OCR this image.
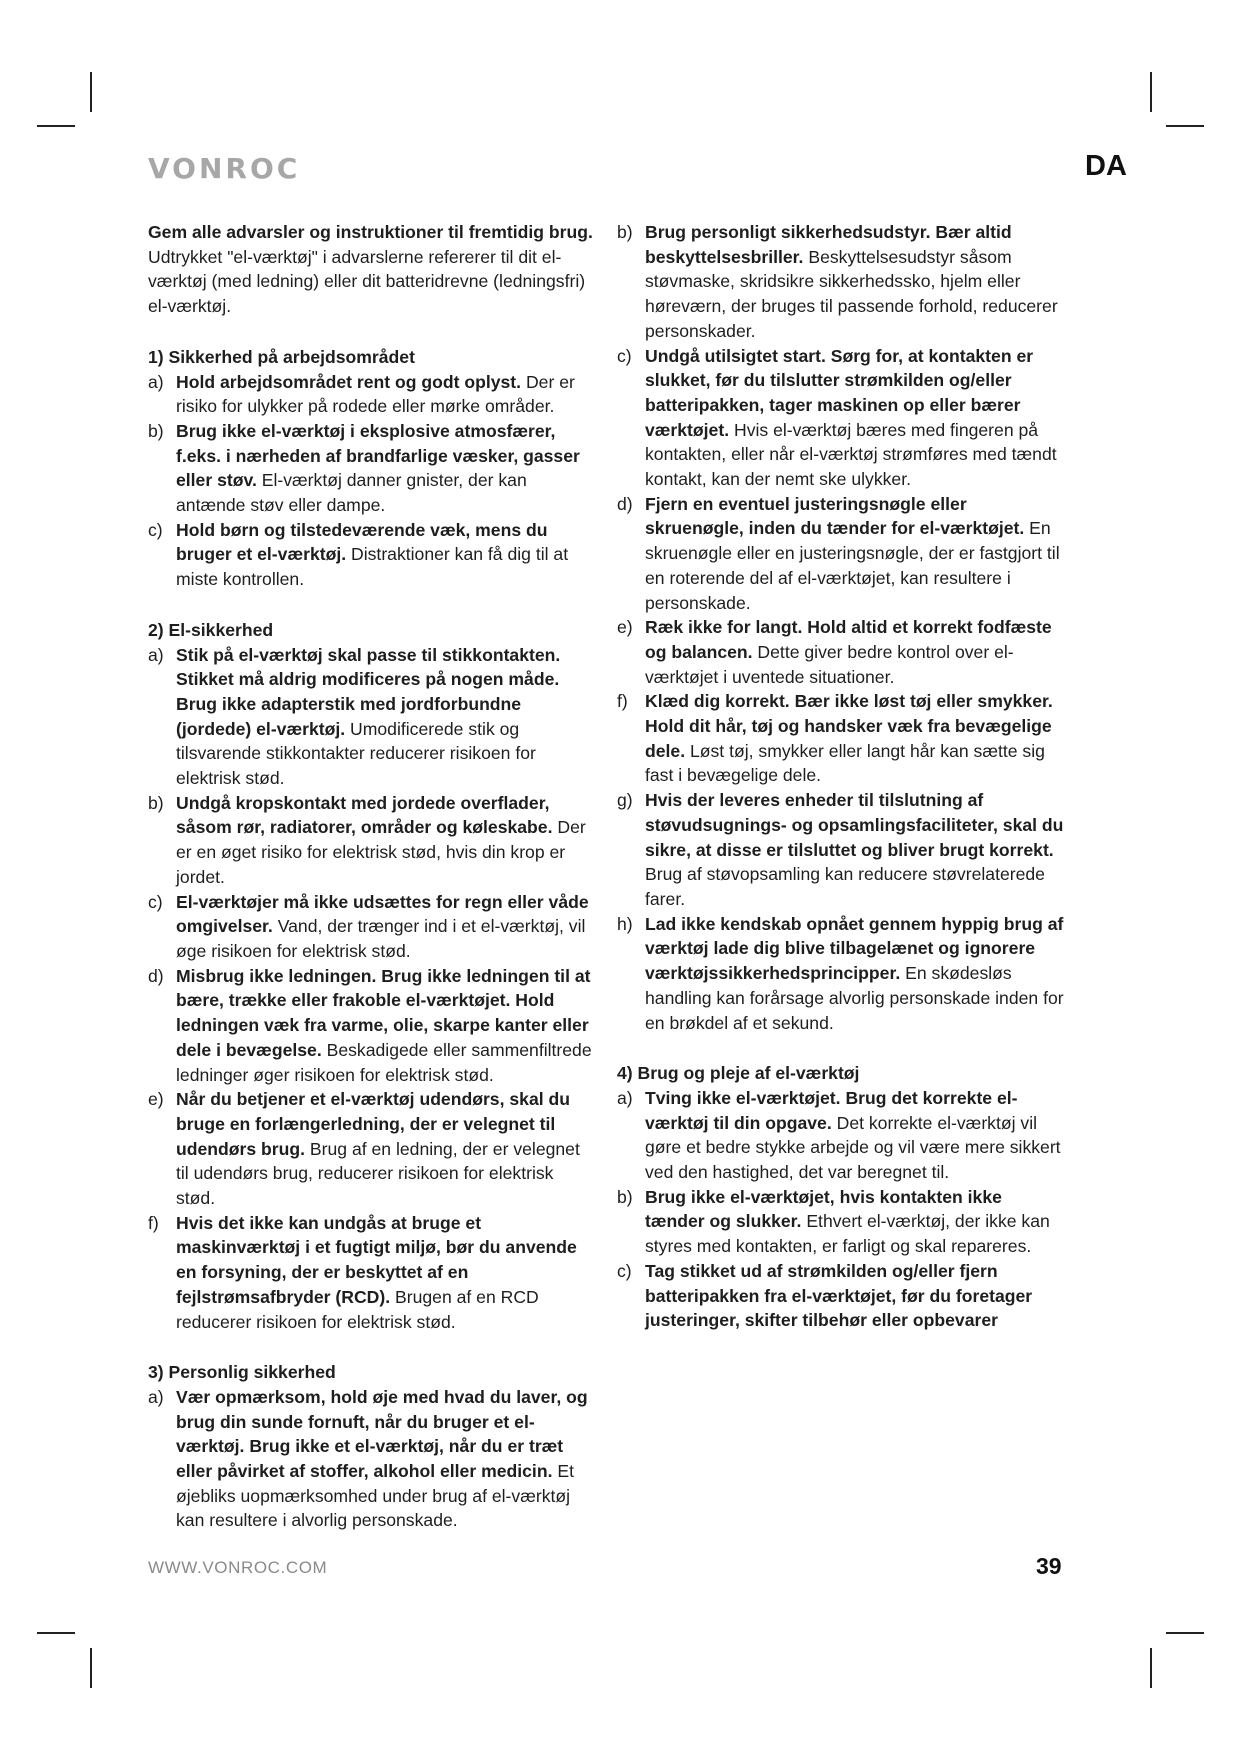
VONROC	DA

Gem alle advarsler og instruktioner til fremtidig brug. Udtrykket "el-værktøj" i advarslerne refererer til dit el-værktøj (med ledning) eller dit batteridrevne (ledningsfri) el-værktøj.

1) Sikkerhed på arbejdsområdet

a) Hold arbejdsområdet rent og godt oplyst. Der er risiko for ulykker på rodede eller mørke områder.
b) Brug ikke el-værktøj i eksplosive atmosfærer, f.eks. i nærheden af brandfarlige væsker, gasser eller støv. El-værktøj danner gnister, der kan antænde støv eller dampe.
c) Hold børn og tilstedeværende væk, mens du bruger et el-værktøj. Distraktioner kan få dig til at miste kontrollen.

2) El-sikkerhed

a) Stik på el-værktøj skal passe til stikkontakten. Stikket må aldrig modificeres på nogen måde. Brug ikke adapterstik med jordforbundne (jordede) el-værktøj. Umodificerede stik og tilsvarende stikkontakter reducerer risikoen for elektrisk stød.
b) Undgå kropskontakt med jordede overflader, såsom rør, radiatorer, områder og køleskabe. Der er en øget risiko for elektrisk stød, hvis din krop er jordet.
c) El-værktøjer må ikke udsættes for regn eller våde omgivelser. Vand, der trænger ind i et el-værktøj, vil øge risikoen for elektrisk stød.
d) Misbrug ikke ledningen. Brug ikke ledningen til at bære, trække eller frakoble el-værktøjet. Hold ledningen væk fra varme, olie, skarpe kanter eller dele i bevægelse. Beskadigede eller sammenfiltrede ledninger øger risikoen for elektrisk stød.
e) Når du betjener et el-værktøj udendørs, skal du bruge en forlængerledning, der er velegnet til udendørs brug. Brug af en ledning, der er velegnet til udendørs brug, reducerer risikoen for elektrisk stød.
f) Hvis det ikke kan undgås at bruge et maskinværktøj i et fugtigt miljø, bør du anvende en forsyning, der er beskyttet af en fejlstrømsafbryder (RCD). Brugen af en RCD reducerer risikoen for elektrisk stød.

3) Personlig sikkerhed

a) Vær opmærksom, hold øje med hvad du laver, og brug din sunde fornuft, når du bruger et el-værktøj. Brug ikke et el-værktøj, når du er træt eller påvirket af stoffer, alkohol eller medicin. Et øjebliks uopmærksomhed under brug af el-værktøj kan resultere i alvorlig personskade.
b) Brug personligt sikkerhedsudstyr. Bær altid beskyttelsesbriller. Beskyttelsesudstyr såsom støvmaske, skridsikre sikkerhedssko, hjelm eller høreværn, der bruges til passende forhold, reducerer personskader.
c) Undgå utilsigtet start. Sørg for, at kontakten er slukket, før du tilslutter strømkilden og/eller batteripakken, tager maskinen op eller bærer værktøjet. Hvis el-værktøj bæres med fingeren på kontakten, eller når el-værktøj strømføres med tændt kontakt, kan der nemt ske ulykker.
d) Fjern en eventuel justeringsnøgle eller skruenøgle, inden du tænder for el-værktøjet. En skruenøgle eller en justeringsnøgle, der er fastgjort til en roterende del af el-værktøjet, kan resultere i personskade.
e) Ræk ikke for langt. Hold altid et korrekt fodfæste og balancen. Dette giver bedre kontrol over el-værktøjet i uventede situationer.
f) Klæd dig korrekt. Bær ikke løst tøj eller smykker. Hold dit hår, tøj og handsker væk fra bevægelige dele. Løst tøj, smykker eller langt hår kan sætte sig fast i bevægelige dele.
g) Hvis der leveres enheder til tilslutning af støvudsugnings- og opsamlingsfaciliteter, skal du sikre, at disse er tilsluttet og bliver brugt korrekt. Brug af støvopsamling kan reducere støvrelaterede farer.
h) Lad ikke kendskab opnået gennem hyppig brug af værktøj lade dig blive tilbagelænet og ignorere værktøjssikkerhedsprincipper. En skødesløs handling kan forårsage alvorlig personskade inden for en brøkdel af et sekund.

4) Brug og pleje af el-værktøj

a) Tving ikke el-værktøjet. Brug det korrekte el-værktøj til din opgave. Det korrekte el-værktøj vil gøre et bedre stykke arbejde og vil være mere sikkert ved den hastighed, det var beregnet til.
b) Brug ikke el-værktøjet, hvis kontakten ikke tænder og slukker. Ethvert el-værktøj, der ikke kan styres med kontakten, er farligt og skal repareres.
c) Tag stikket ud af strømkilden og/eller fjern batteripakken fra el-værktøjet, før du foretager justeringer, skifter tilbehør eller opbevarer
WWW.VONROC.COM	39
